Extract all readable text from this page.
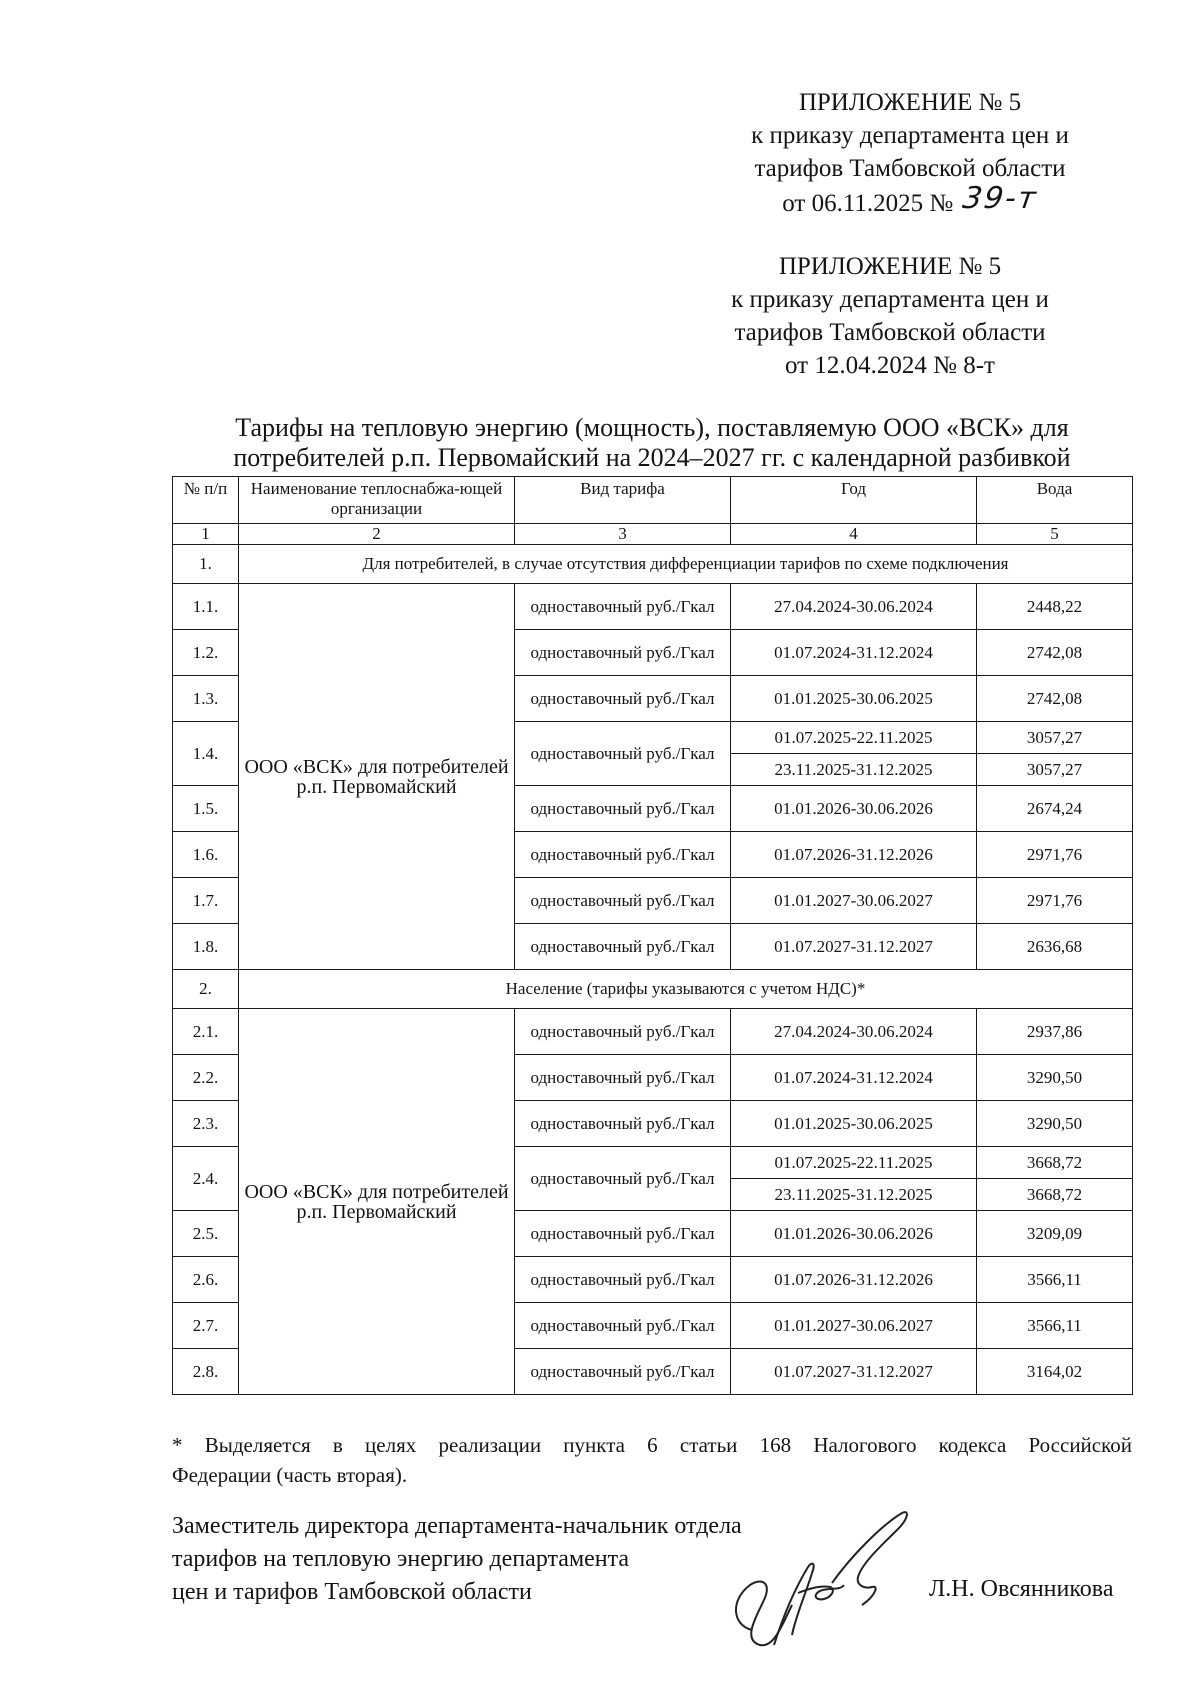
ПРИЛОЖЕНИЕ № 5
к приказу департамента цен и
тарифов Тамбовской области
от 06.11.2025 № 39-т
ПРИЛОЖЕНИЕ № 5
к приказу департамента цен и
тарифов Тамбовской области
от 12.04.2024 № 8-т
Тарифы на тепловую энергию (мощность), поставляемую ООО «ВСК» для
потребителей р.п. Первомайский на 2024–2027 гг. с календарной разбивкой
№ п/п	Наименование теплоснабжа-ющей организации	Вид тарифа	Год	Вода
1	2	3	4	5
1.	Для потребителей, в случае отсутствия дифференциации тарифов по схеме подключения			
1.1.	ООО «ВСК» для потребителей р.п. Первомайский	одноставочный руб./Гкал	27.04.2024-30.06.2024	2448,22
1.2.		одноставочный руб./Гкал	01.07.2024-31.12.2024	2742,08
1.3.		одноставочный руб./Гкал	01.01.2025-30.06.2025	2742,08
1.4.		одноставочный руб./Гкал	01.07.2025-22.11.2025	3057,27
			23.11.2025-31.12.2025	3057,27
1.5.		одноставочный руб./Гкал	01.01.2026-30.06.2026	2674,24
1.6.		одноставочный руб./Гкал	01.07.2026-31.12.2026	2971,76
1.7.		одноставочный руб./Гкал	01.01.2027-30.06.2027	2971,76
1.8.		одноставочный руб./Гкал	01.07.2027-31.12.2027	2636,68
2.	Население (тарифы указываются с учетом НДС)*			
2.1.	ООО «ВСК» для потребителей р.п. Первомайский	одноставочный руб./Гкал	27.04.2024-30.06.2024	2937,86
2.2.		одноставочный руб./Гкал	01.07.2024-31.12.2024	3290,50
2.3.		одноставочный руб./Гкал	01.01.2025-30.06.2025	3290,50
2.4.		одноставочный руб./Гкал	01.07.2025-22.11.2025	3668,72
			23.11.2025-31.12.2025	3668,72
2.5.		одноставочный руб./Гкал	01.01.2026-30.06.2026	3209,09
2.6.		одноставочный руб./Гкал	01.07.2026-31.12.2026	3566,11
2.7.		одноставочный руб./Гкал	01.01.2027-30.06.2027	3566,11
2.8.		одноставочный руб./Гкал	01.07.2027-31.12.2027	3164,02
* Выделяется в целях реализации пункта 6 статьи 168 Налогового кодекса Российской
Федерации (часть вторая).
Заместитель директора департамента-начальник отдела
тарифов на тепловую энергию департамента
цен и тарифов Тамбовской области	Л.Н. Овсянникова
